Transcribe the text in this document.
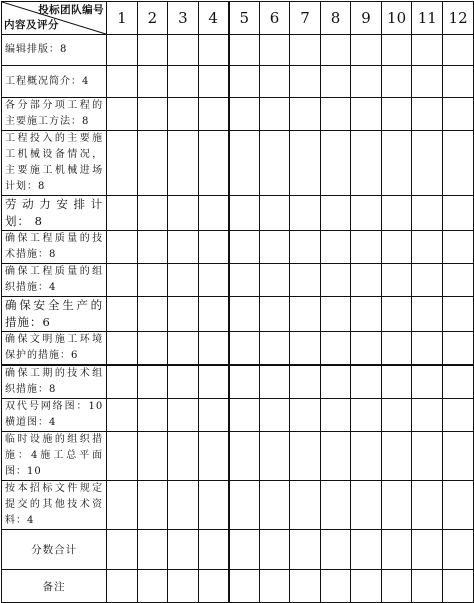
投标团队编号
内容及评分	1	2	3	4	5	6	7	8	9	10	11	12
编辑排版：8												
工程概况简介：4												
各分部分项工程的主要施工方法：8												
工程投入的主要施工机械设备情况，主要施工机械进场计划：8												
劳动力安排计划： 8												
确保工程质量的技术措施：8												
确保工程质量的组织措施：4												
确保安全生产的措施：6												
确保文明施工环境保护的措施：6												
确保工期的技术组织措施：8												
双代号网络图：10横道图：4												
临时设施的组织措施：4施工总平面图：10												
按本招标文件规定提交的其他技术资料：4												
分数合计												
备注												
